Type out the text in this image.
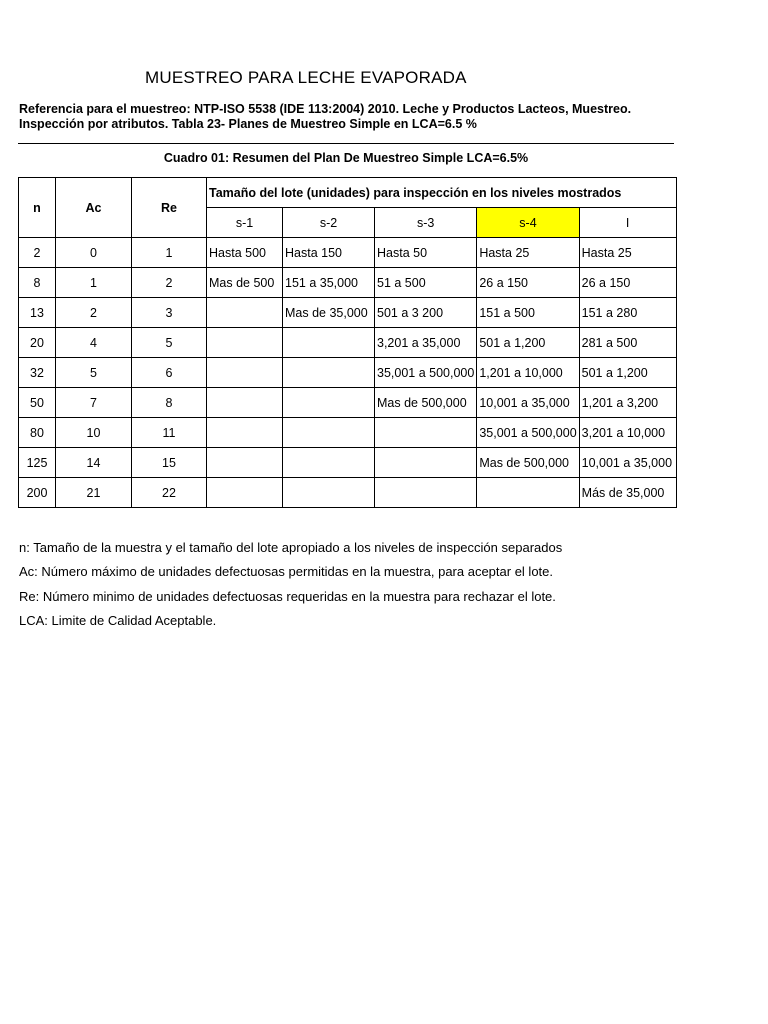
MUESTREO PARA LECHE EVAPORADA
Referencia para el muestreo: NTP-ISO 5538 (IDE 113:2004) 2010. Leche y Productos Lacteos, Muestreo.
Inspección por atributos. Tabla 23- Planes de Muestreo Simple en LCA=6.5 %
Cuadro 01: Resumen del Plan De Muestreo Simple LCA=6.5%
n	Ac	Re	Tamaño del lote (unidades) para inspección en los niveles mostrados				
			s-1	s-2	s-3	s-4	I
2	0	1	Hasta 500	Hasta 150	Hasta 50	Hasta 25	Hasta 25
8	1	2	Mas de 500	151 a 35,000	51 a 500	26 a 150	26 a 150
13	2	3		Mas de 35,000	501 a 3 200	151 a 500	151 a 280
20	4	5			3,201 a 35,000	501 a 1,200	281 a 500
32	5	6			35,001 a 500,000	1,201 a 10,000	501 a 1,200
50	7	8			Mas de 500,000	10,001 a 35,000	1,201 a 3,200
80	10	11				35,001 a 500,000	3,201 a 10,000
125	14	15				Mas de 500,000	10,001 a 35,000
200	21	22					Más de 35,000
n: Tamaño de la muestra y el tamaño del lote apropiado a los niveles de inspección separados
Ac: Número máximo de unidades defectuosas permitidas en la muestra, para aceptar el lote.
Re: Número minimo de unidades defectuosas requeridas en la muestra para rechazar el lote.
LCA: Limite de Calidad Aceptable.
